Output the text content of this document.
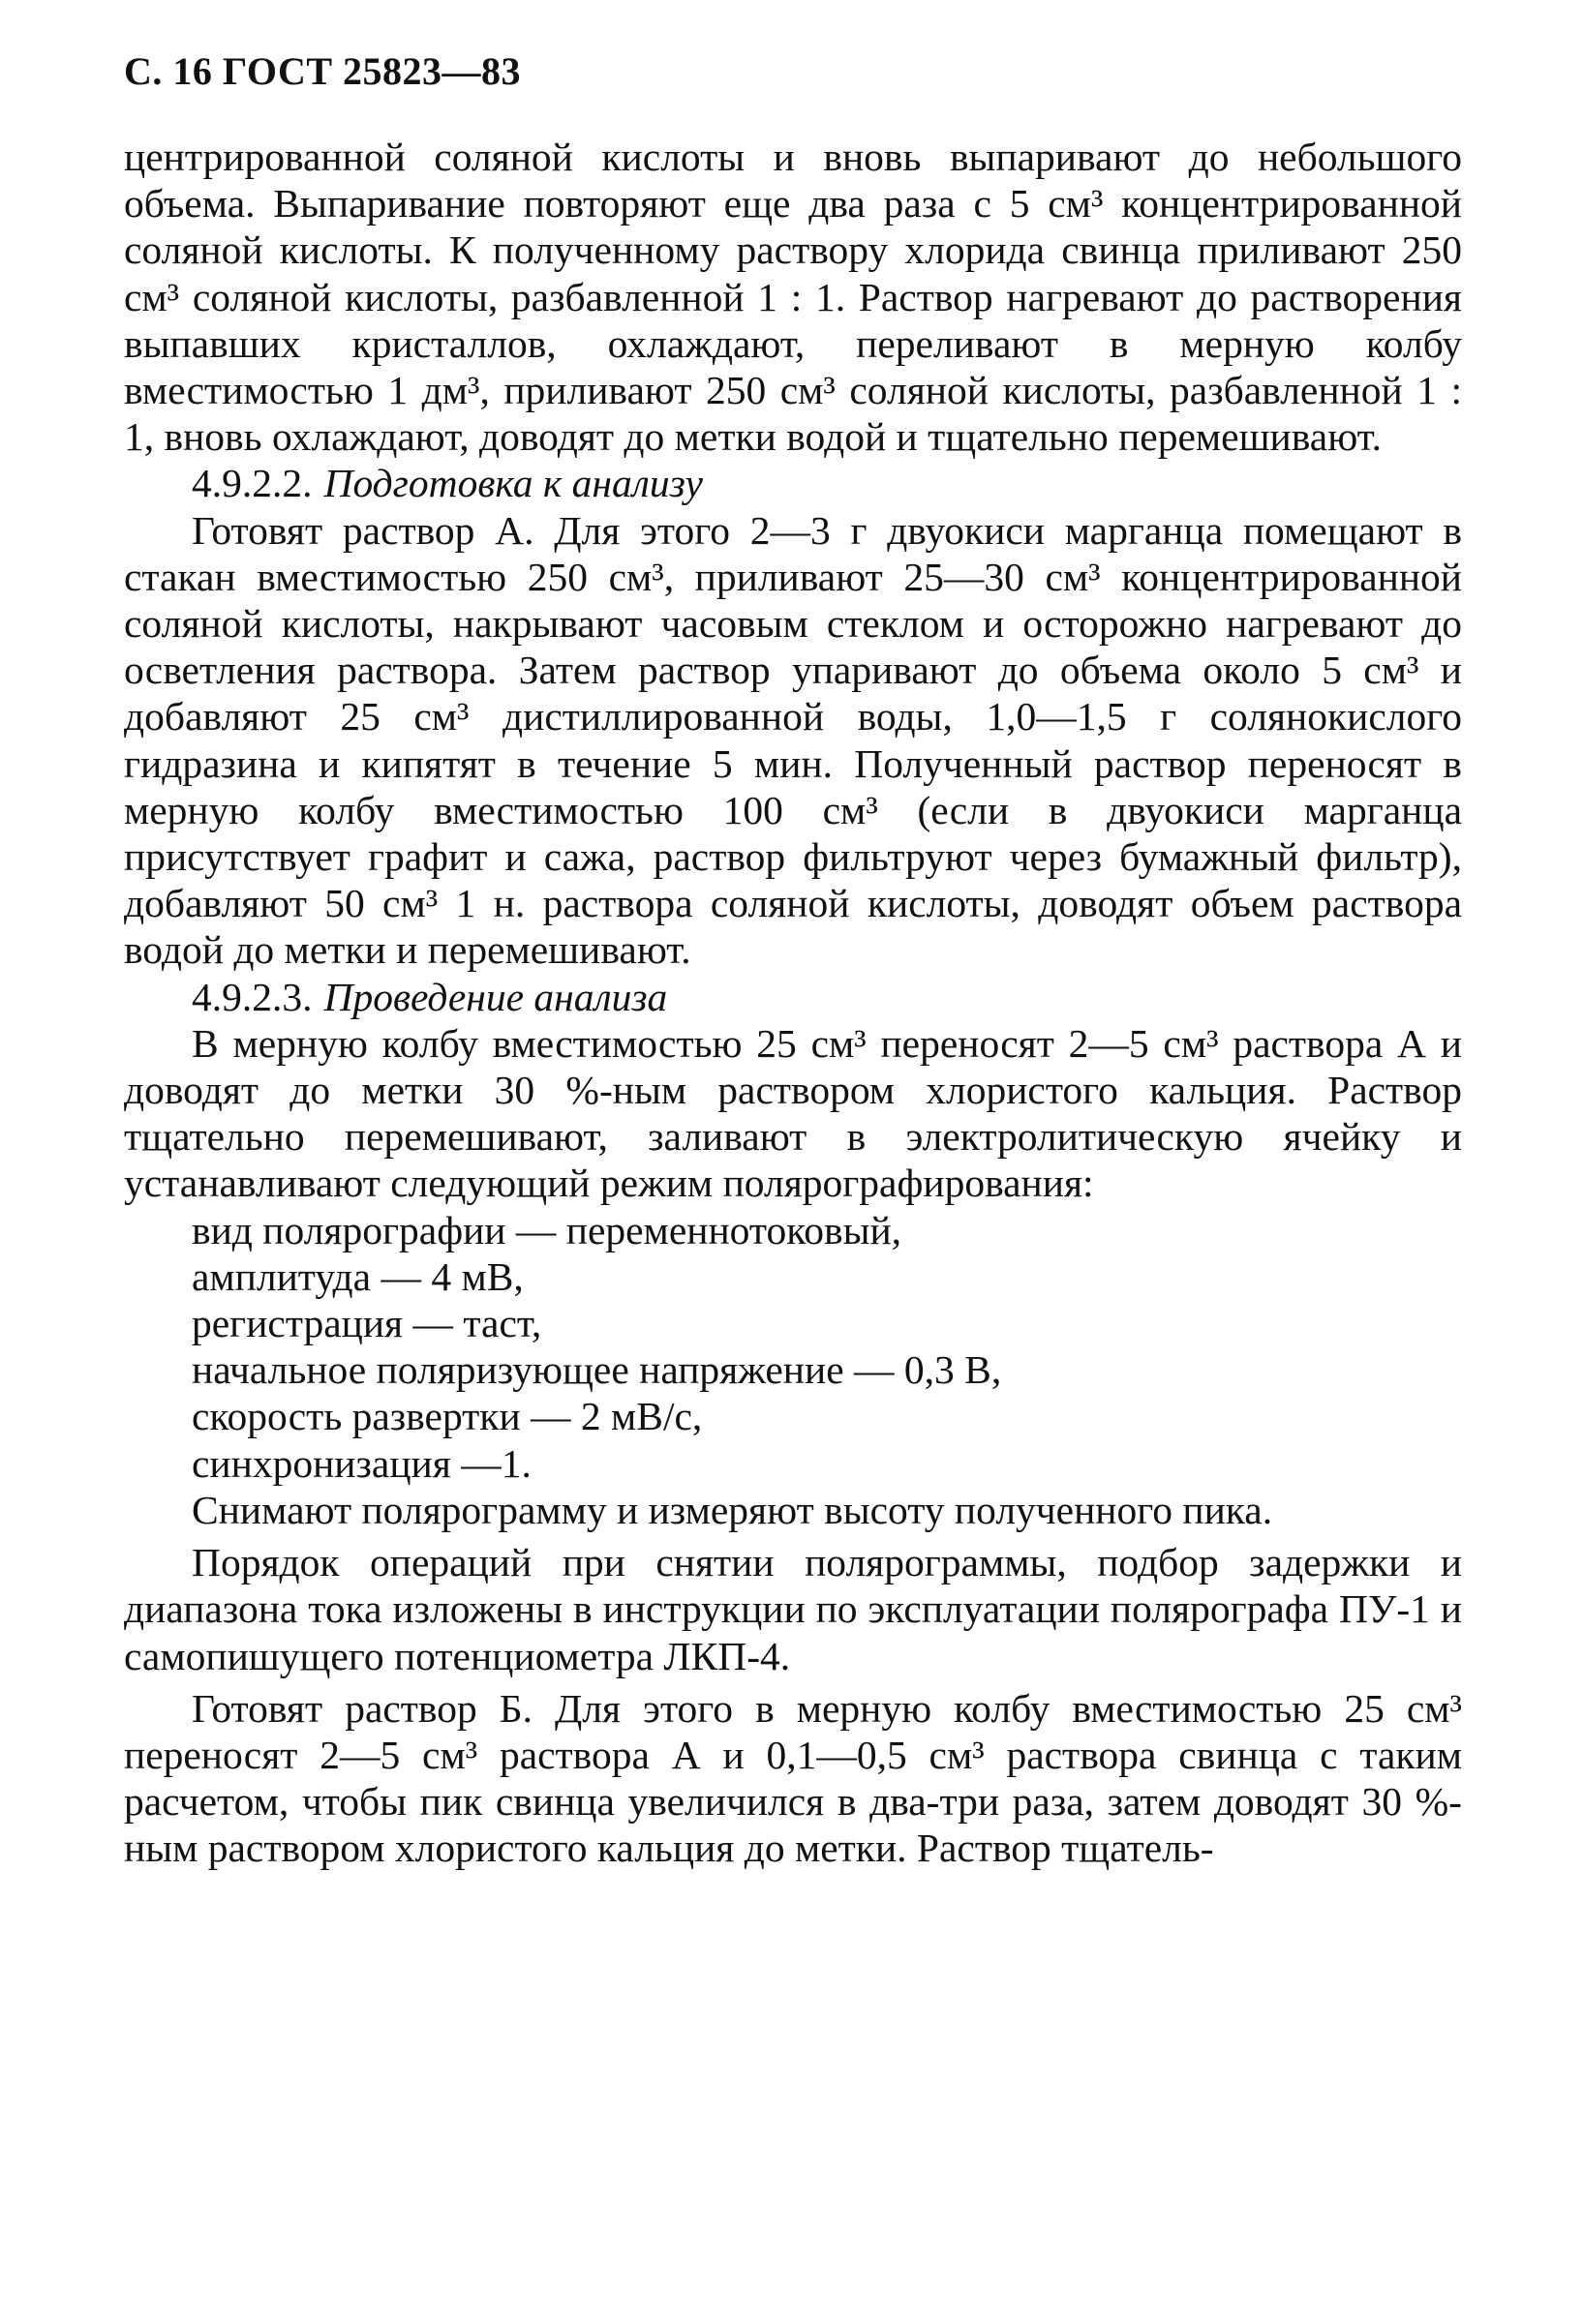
С. 16 ГОСТ 25823—83

центрированной соляной кислоты и вновь выпаривают до небольшого объема. Выпаривание повторяют еще два раза с 5 см³ концентрированной соляной кислоты. К полученному раствору хлорида свинца приливают 250 см³ соляной кислоты, разбавленной 1 : 1. Раствор нагревают до растворения выпавших кристаллов, охлаждают, переливают в мерную колбу вместимостью 1 дм³, приливают 250 см³ соляной кислоты, разбавленной 1 : 1, вновь охлаждают, доводят до метки водой и тщательно перемешивают.

4.9.2.2. Подготовка к анализу

Готовят раствор А. Для этого 2—3 г двуокиси марганца помещают в стакан вместимостью 250 см³, приливают 25—30 см³ концентрированной соляной кислоты, накрывают часовым стеклом и осторожно нагревают до осветления раствора. Затем раствор упаривают до объема около 5 см³ и добавляют 25 см³ дистиллированной воды, 1,0—1,5 г солянокислого гидразина и кипятят в течение 5 мин. Полученный раствор переносят в мерную колбу вместимостью 100 см³ (если в двуокиси марганца присутствует графит и сажа, раствор фильтруют через бумажный фильтр), добавляют 50 см³ 1 н. раствора соляной кислоты, доводят объем раствора водой до метки и перемешивают.

4.9.2.3. Проведение анализа

В мерную колбу вместимостью 25 см³ переносят 2—5 см³ раствора А и доводят до метки 30 %-ным раствором хлористого кальция. Раствор тщательно перемешивают, заливают в электролитическую ячейку и устанавливают следующий режим полярографирования:

вид полярографии — переменнотоковый,

амплитуда — 4 мВ,

регистрация — таст,

начальное поляризующее напряжение — 0,3 В,

скорость развертки — 2 мВ/с,

синхронизация —1.

Снимают полярограмму и измеряют высоту полученного пика.

Порядок операций при снятии полярограммы, подбор задержки и диапазона тока изложены в инструкции по эксплуатации полярографа ПУ-1 и самопишущего потенциометра ЛКП-4.

Готовят раствор Б. Для этого в мерную колбу вместимостью 25 см³ переносят 2—5 см³ раствора А и 0,1—0,5 см³ раствора свинца с таким расчетом, чтобы пик свинца увеличился в два-три раза, затем доводят 30 %-ным раствором хлористого кальция до метки. Раствор тщатель-
